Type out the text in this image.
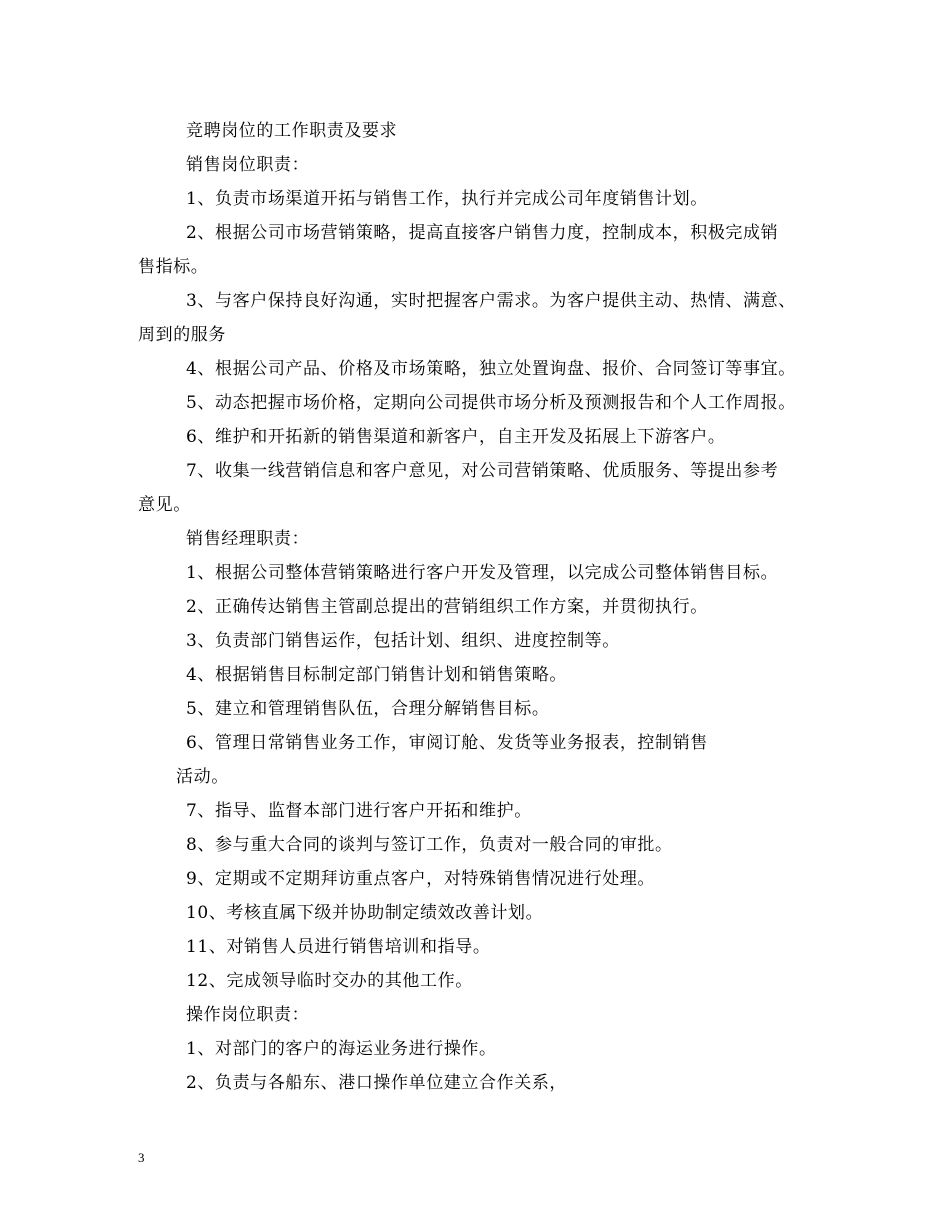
竞聘岗位的工作职责及要求
销售岗位职责：
1、负责市场渠道开拓与销售工作，执行并完成公司年度销售计划。
2、根据公司市场营销策略，提高直接客户销售力度，控制成本，积极完成销
售指标。
3、与客户保持良好沟通，实时把握客户需求。为客户提供主动、热情、满意、
周到的服务
4、根据公司产品、价格及市场策略，独立处置询盘、报价、合同签订等事宜。
5、动态把握市场价格，定期向公司提供市场分析及预测报告和个人工作周报。
6、维护和开拓新的销售渠道和新客户，自主开发及拓展上下游客户。
7、收集一线营销信息和客户意见，对公司营销策略、优质服务、等提出参考
意见。
销售经理职责：
1、根据公司整体营销策略进行客户开发及管理，以完成公司整体销售目标。
2、正确传达销售主管副总提出的营销组织工作方案，并贯彻执行。
3、负责部门销售运作，包括计划、组织、进度控制等。
4、根据销售目标制定部门销售计划和销售策略。
5、建立和管理销售队伍，合理分解销售目标。
6、管理日常销售业务工作，审阅订舱、发货等业务报表，控制销售
活动。
7、指导、监督本部门进行客户开拓和维护。
8、参与重大合同的谈判与签订工作，负责对一般合同的审批。
9、定期或不定期拜访重点客户，对特殊销售情况进行处理。
10、考核直属下级并协助制定绩效改善计划。
11、对销售人员进行销售培训和指导。
12、完成领导临时交办的其他工作。
操作岗位职责：
1、对部门的客户的海运业务进行操作。
2、负责与各船东、港口操作单位建立合作关系，
3
